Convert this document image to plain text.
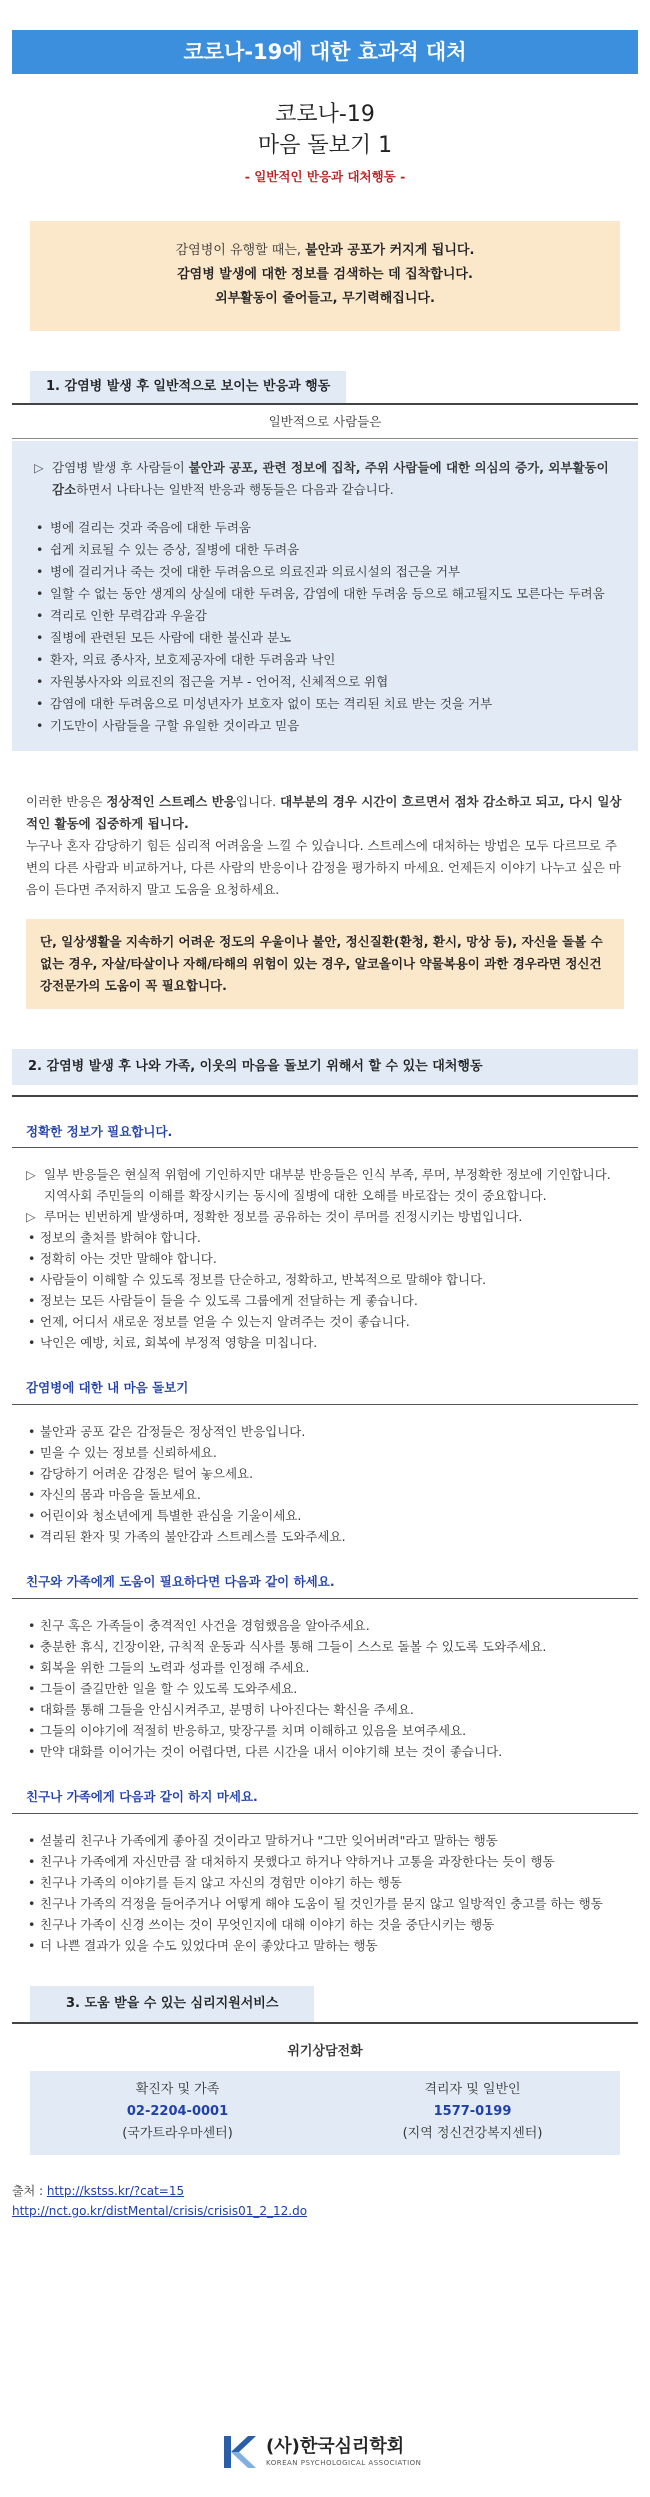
코로나-19에 대한 효과적 대처
코로나-19
마음 돌보기 1
- 일반적인 반응과 대처행동 -
감염병이 유행할 때는, 불안과 공포가 커지게 됩니다.
감염병 발생에 대한 정보를 검색하는 데 집착합니다.
외부활동이 줄어들고, 무기력해집니다.
1. 감염병 발생 후 일반적으로 보이는 반응과 행동
일반적으로 사람들은
▷ 감염병 발생 후 사람들이 불안과 공포, 관련 정보에 집착, 주위 사람들에 대한 의심의 증가, 외부활동이 감소하면서 나타나는 일반적 반응과 행동들은 다음과 같습니다.
• 병에 걸리는 것과 죽음에 대한 두려움
• 쉽게 치료될 수 있는 증상, 질병에 대한 두려움
• 병에 걸리거나 죽는 것에 대한 두려움으로 의료진과 의료시설의 접근을 거부
• 일할 수 없는 동안 생계의 상실에 대한 두려움, 감염에 대한 두려움 등으로 해고될지도 모른다는 두려움
• 격리로 인한 무력감과 우울감
• 질병에 관련된 모든 사람에 대한 불신과 분노
• 환자, 의료 종사자, 보호제공자에 대한 두려움과 낙인
• 자원봉사자와 의료진의 접근을 거부 - 언어적, 신체적으로 위협
• 감염에 대한 두려움으로 미성년자가 보호자 없이 또는 격리된 치료 받는 것을 거부
• 기도만이 사람들을 구할 유일한 것이라고 믿음
이러한 반응은 정상적인 스트레스 반응입니다. 대부분의 경우 시간이 흐르면서 점차 감소하고 되고, 다시 일상적인 활동에 집중하게 됩니다.
누구나 혼자 감당하기 힘든 심리적 어려움을 느낄 수 있습니다. 스트레스에 대처하는 방법은 모두 다르므로 주변의 다른 사람과 비교하거나, 다른 사람의 반응이나 감정을 평가하지 마세요. 언제든지 이야기 나누고 싶은 마음이 든다면 주저하지 말고 도움을 요청하세요.
단, 일상생활을 지속하기 어려운 정도의 우울이나 불안, 정신질환(환청, 환시, 망상 등), 자신을 돌볼 수 없는 경우, 자살/타살이나 자해/타해의 위험이 있는 경우, 알코올이나 약물복용이 과한 경우라면 정신건강전문가의 도움이 꼭 필요합니다.
2. 감염병 발생 후 나와 가족, 이웃의 마음을 돌보기 위해서 할 수 있는 대처행동
정확한 정보가 필요합니다.
▷ 일부 반응들은 현실적 위험에 기인하지만 대부분 반응들은 인식 부족, 루머, 부정확한 정보에 기인합니다. 지역사회 주민들의 이해를 확장시키는 동시에 질병에 대한 오해를 바로잡는 것이 중요합니다.
▷ 루머는 빈번하게 발생하며, 정확한 정보를 공유하는 것이 루머를 진정시키는 방법입니다.
• 정보의 출처를 밝혀야 합니다.
• 정확히 아는 것만 말해야 합니다.
• 사람들이 이해할 수 있도록 정보를 단순하고, 정확하고, 반복적으로 말해야 합니다.
• 정보는 모든 사람들이 들을 수 있도록 그룹에게 전달하는 게 좋습니다.
• 언제, 어디서 새로운 정보를 얻을 수 있는지 알려주는 것이 좋습니다.
• 낙인은 예방, 치료, 회복에 부정적 영향을 미칩니다.
감염병에 대한 내 마음 돌보기
• 불안과 공포 같은 감정들은 정상적인 반응입니다.
• 믿을 수 있는 정보를 신뢰하세요.
• 감당하기 어려운 감정은 털어 놓으세요.
• 자신의 몸과 마음을 돌보세요.
• 어린이와 청소년에게 특별한 관심을 기울이세요.
• 격리된 환자 및 가족의 불안감과 스트레스를 도와주세요.
친구와 가족에게 도움이 필요하다면 다음과 같이 하세요.
• 친구 혹은 가족들이 충격적인 사건을 경험했음을 알아주세요.
• 충분한 휴식, 긴장이완, 규칙적 운동과 식사를 통해 그들이 스스로 돌볼 수 있도록 도와주세요.
• 회복을 위한 그들의 노력과 성과를 인정해 주세요.
• 그들이 즐길만한 일을 할 수 있도록 도와주세요.
• 대화를 통해 그들을 안심시켜주고, 분명히 나아진다는 확신을 주세요.
• 그들의 이야기에 적절히 반응하고, 맞장구를 치며 이해하고 있음을 보여주세요.
• 만약 대화를 이어가는 것이 어렵다면, 다른 시간을 내서 이야기해 보는 것이 좋습니다.
친구나 가족에게 다음과 같이 하지 마세요.
• 섣불리 친구나 가족에게 좋아질 것이라고 말하거나 "그만 잊어버려"라고 말하는 행동
• 친구나 가족에게 자신만큼 잘 대처하지 못했다고 하거나 약하거나 고통을 과장한다는 듯이 행동
• 친구나 가족의 이야기를 듣지 않고 자신의 경험만 이야기 하는 행동
• 친구나 가족의 걱정을 들어주거나 어떻게 해야 도움이 될 것인가를 묻지 않고 일방적인 충고를 하는 행동
• 친구나 가족이 신경 쓰이는 것이 무엇인지에 대해 이야기 하는 것을 중단시키는 행동
• 더 나쁜 결과가 있을 수도 있었다며 운이 좋았다고 말하는 행동
3. 도움 받을 수 있는 심리지원서비스
위기상담전화
확진자 및 가족
02-2204-0001
(국가트라우마센터)
격리자 및 일반인
1577-0199
(지역 정신건강복지센터)
출처 : http://kstss.kr/?cat=15
http://nct.go.kr/distMental/crisis/crisis01_2_12.do
(사)한국심리학회
KOREAN PSYCHOLOGICAL ASSOCIATION
